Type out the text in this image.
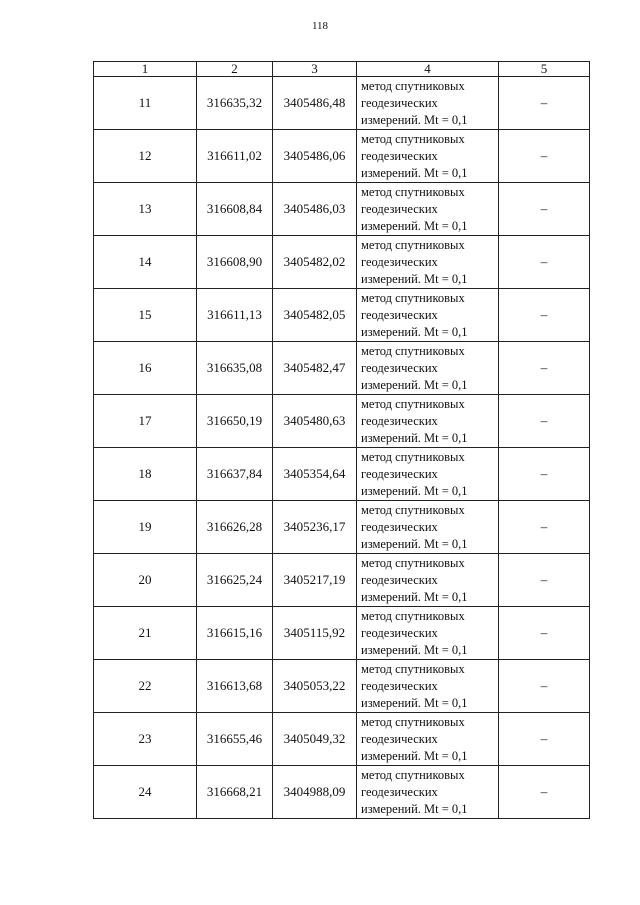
118
1	2	3	4	5
11	316635,32	3405486,48	метод спутниковых
геодезических
измерений. Mt = 0,1	–
12	316611,02	3405486,06	метод спутниковых
геодезических
измерений. Mt = 0,1	–
13	316608,84	3405486,03	метод спутниковых
геодезических
измерений. Mt = 0,1	–
14	316608,90	3405482,02	метод спутниковых
геодезических
измерений. Mt = 0,1	–
15	316611,13	3405482,05	метод спутниковых
геодезических
измерений. Mt = 0,1	–
16	316635,08	3405482,47	метод спутниковых
геодезических
измерений. Mt = 0,1	–
17	316650,19	3405480,63	метод спутниковых
геодезических
измерений. Mt = 0,1	–
18	316637,84	3405354,64	метод спутниковых
геодезических
измерений. Mt = 0,1	–
19	316626,28	3405236,17	метод спутниковых
геодезических
измерений. Mt = 0,1	–
20	316625,24	3405217,19	метод спутниковых
геодезических
измерений. Mt = 0,1	–
21	316615,16	3405115,92	метод спутниковых
геодезических
измерений. Mt = 0,1	–
22	316613,68	3405053,22	метод спутниковых
геодезических
измерений. Mt = 0,1	–
23	316655,46	3405049,32	метод спутниковых
геодезических
измерений. Mt = 0,1	–
24	316668,21	3404988,09	метод спутниковых
геодезических
измерений. Mt = 0,1	–
